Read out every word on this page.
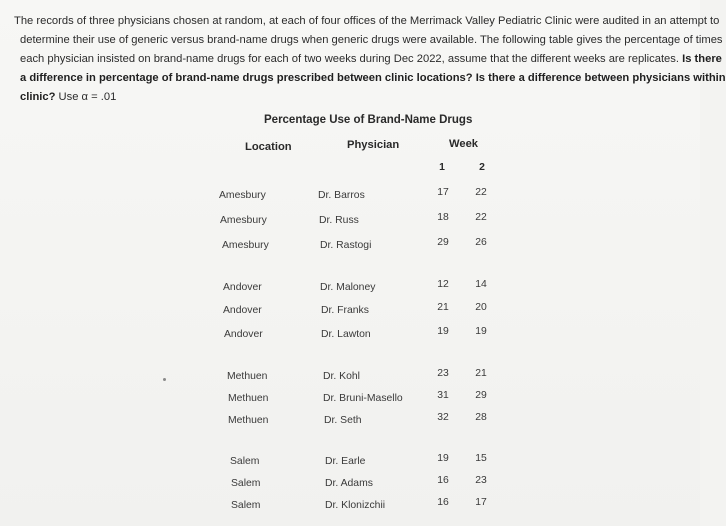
The records of three physicians chosen at random, at each of four offices of the Merrimack Valley Pediatric Clinic were audited in an attempt to
determine their use of generic versus brand-name drugs when generic drugs were available. The following table gives the percentage of times
each physician insisted on brand-name drugs for each of two weeks during Dec 2022, assume that the different weeks are replicates. Is there
a difference in percentage of brand-name drugs prescribed between clinic locations? Is there a difference between physicians within
clinic? Use α = .01
Percentage Use of Brand-Name Drugs
Location	Physician	Week
1	2
Amesbury	Dr. Barros	17	22
Amesbury	Dr. Russ	18	22
Amesbury	Dr. Rastogi	29	26
Andover	Dr. Maloney	12	14
Andover	Dr. Franks	21	20
Andover	Dr. Lawton	19	19
Methuen	Dr. Kohl	23	21
Methuen	Dr. Bruni-Masello	31	29
Methuen	Dr. Seth	32	28
Salem	Dr. Earle	19	15
Salem	Dr. Adams	16	23
Salem	Dr. Klonizchii	16	17
